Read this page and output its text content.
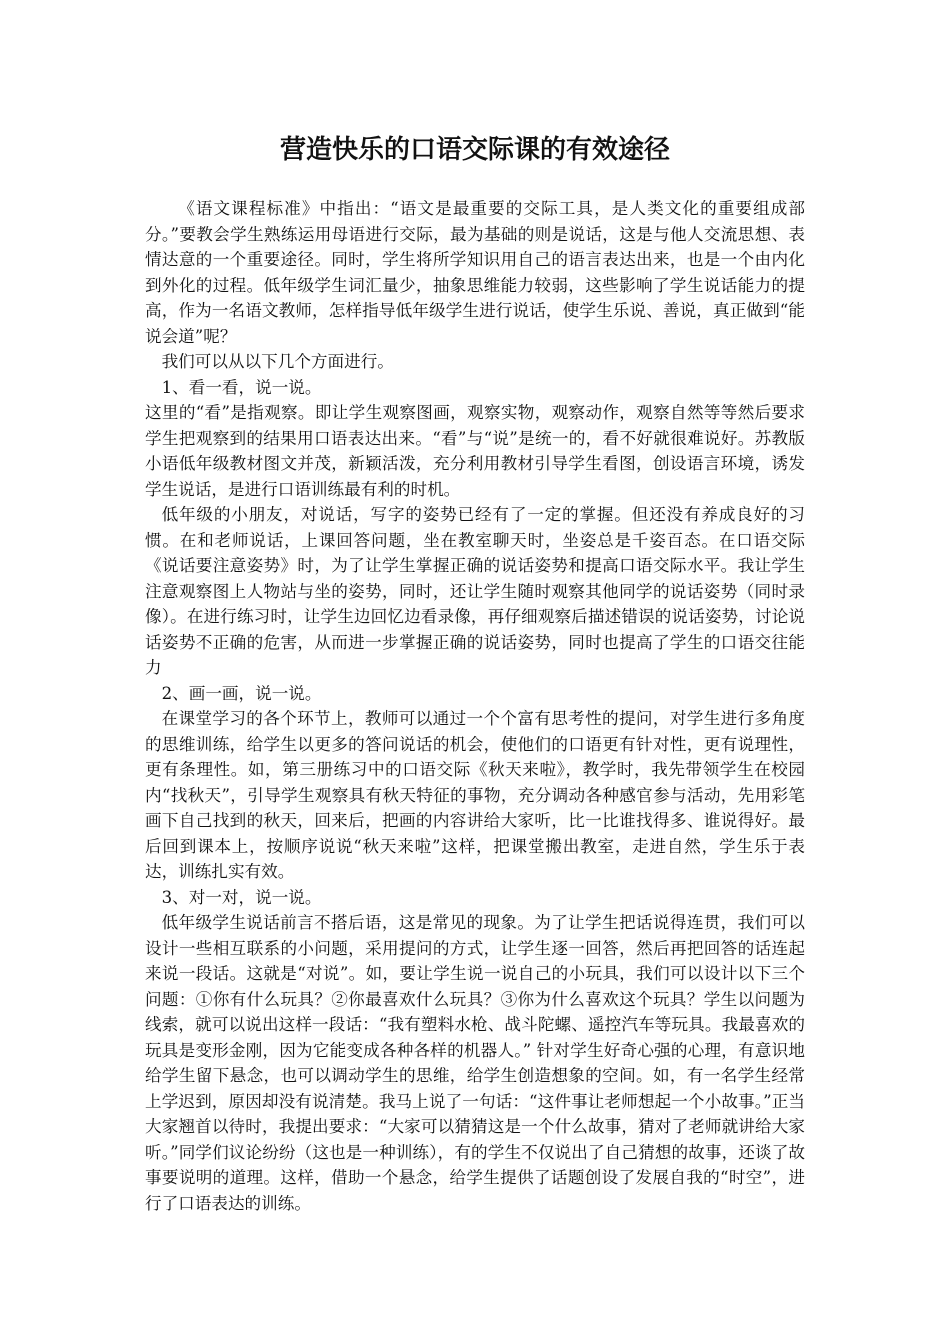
营造快乐的口语交际课的有效途径

《语文课程标准》中指出：“语文是最重要的交际工具，是人类文化的重要组成部分。”要教会学生熟练运用母语进行交际，最为基础的则是说话，这是与他人交流思想、表情达意的一个重要途径。同时，学生将所学知识用自己的语言表达出来，也是一个由内化到外化的过程。低年级学生词汇量少，抽象思维能力较弱，这些影响了学生说话能力的提高，作为一名语文教师，怎样指导低年级学生进行说话，使学生乐说、善说，真正做到“能说会道”呢？

我们可以从以下几个方面进行。

1、看一看，说一说。

这里的“看”是指观察。即让学生观察图画，观察实物，观察动作，观察自然等等然后要求学生把观察到的结果用口语表达出来。“看”与“说”是统一的，看不好就很难说好。苏教版小语低年级教材图文并茂，新颖活泼，充分利用教材引导学生看图，创设语言环境，诱发学生说话，是进行口语训练最有利的时机。

低年级的小朋友，对说话，写字的姿势已经有了一定的掌握。但还没有养成良好的习惯。在和老师说话，上课回答问题，坐在教室聊天时，坐姿总是千姿百态。在口语交际《说话要注意姿势》时，为了让学生掌握正确的说话姿势和提高口语交际水平。我让学生注意观察图上人物站与坐的姿势，同时，还让学生随时观察其他同学的说话姿势（同时录像）。在进行练习时，让学生边回忆边看录像，再仔细观察后描述错误的说话姿势，讨论说话姿势不正确的危害，从而进一步掌握正确的说话姿势，同时也提高了学生的口语交往能力

2、画一画，说一说。

在课堂学习的各个环节上，教师可以通过一个个富有思考性的提问，对学生进行多角度的思维训练，给学生以更多的答问说话的机会，使他们的口语更有针对性，更有说理性，更有条理性。如，第三册练习中的口语交际《秋天来啦》，教学时，我先带领学生在校园内“找秋天”，引导学生观察具有秋天特征的事物，充分调动各种感官参与活动，先用彩笔画下自己找到的秋天，回来后，把画的内容讲给大家听，比一比谁找得多、谁说得好。最后回到课本上，按顺序说说“秋天来啦”这样，把课堂搬出教室，走进自然，学生乐于表达，训练扎实有效。

3、对一对，说一说。

低年级学生说话前言不搭后语，这是常见的现象。为了让学生把话说得连贯，我们可以设计一些相互联系的小问题，采用提问的方式，让学生逐一回答，然后再把回答的话连起来说一段话。这就是“对说”。如，要让学生说一说自己的小玩具，我们可以设计以下三个问题：①你有什么玩具？②你最喜欢什么玩具？③你为什么喜欢这个玩具？学生以问题为线索，就可以说出这样一段话：“我有塑料水枪、战斗陀螺、遥控汽车等玩具。我最喜欢的玩具是变形金刚，因为它能变成各种各样的机器人。” 针对学生好奇心强的心理，有意识地给学生留下悬念，也可以调动学生的思维，给学生创造想象的空间。如，有一名学生经常上学迟到，原因却没有说清楚。我马上说了一句话：“这件事让老师想起一个小故事。”正当大家翘首以待时，我提出要求：“大家可以猜猜这是一个什么故事，猜对了老师就讲给大家听。”同学们议论纷纷（这也是一种训练），有的学生不仅说出了自己猜想的故事，还谈了故事要说明的道理。这样，借助一个悬念，给学生提供了话题创设了发展自我的“时空”，进行了口语表达的训练。
